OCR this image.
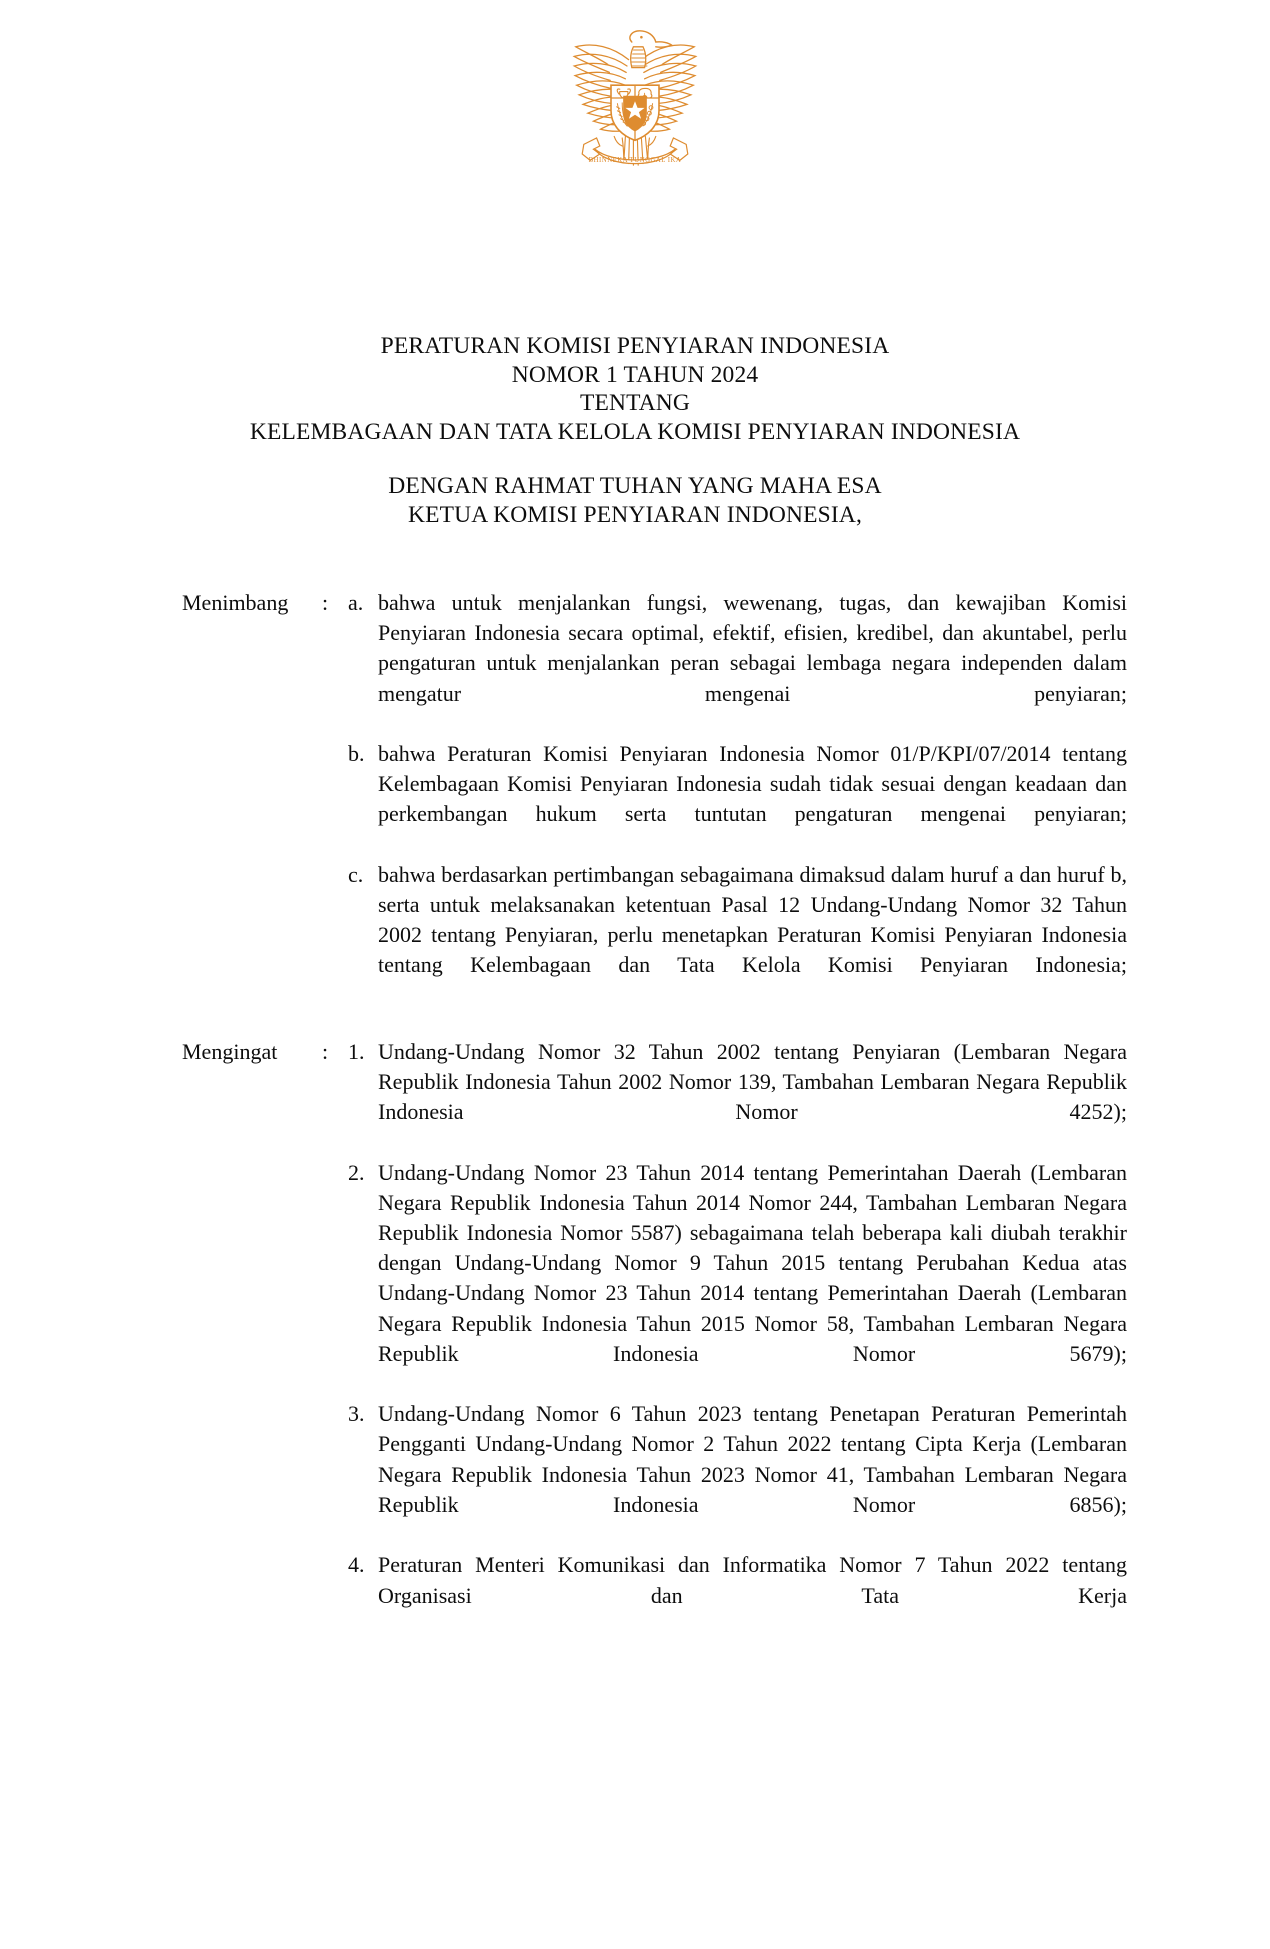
BHINNEKA TUNGGAL IKA
PERATURAN KOMISI PENYIARAN INDONESIA
NOMOR 1 TAHUN 2024
TENTANG
KELEMBAGAAN DAN TATA KELOLA KOMISI PENYIARAN INDONESIA
DENGAN RAHMAT TUHAN YANG MAHA ESA
KETUA KOMISI PENYIARAN INDONESIA,
Menimbang	: a. bahwa untuk menjalankan fungsi, wewenang, tugas, dan kewajiban Komisi Penyiaran Indonesia secara optimal, efektif, efisien, kredibel, dan akuntabel, perlu pengaturan untuk menjalankan peran sebagai lembaga negara independen dalam mengatur mengenai penyiaran;
b. bahwa Peraturan Komisi Penyiaran Indonesia Nomor 01/P/KPI/07/2014 tentang Kelembagaan Komisi Penyiaran Indonesia sudah tidak sesuai dengan keadaan dan perkembangan hukum serta tuntutan pengaturan mengenai penyiaran;
c. bahwa berdasarkan pertimbangan sebagaimana dimaksud dalam huruf a dan huruf b, serta untuk melaksanakan ketentuan Pasal 12 Undang-Undang Nomor 32 Tahun 2002 tentang Penyiaran, perlu menetapkan Peraturan Komisi Penyiaran Indonesia tentang Kelembagaan dan Tata Kelola Komisi Penyiaran Indonesia;
Mengingat	: 1. Undang-Undang Nomor 32 Tahun 2002 tentang Penyiaran (Lembaran Negara Republik Indonesia Tahun 2002 Nomor 139, Tambahan Lembaran Negara Republik Indonesia Nomor 4252);
2. Undang-Undang Nomor 23 Tahun 2014 tentang Pemerintahan Daerah (Lembaran Negara Republik Indonesia Tahun 2014 Nomor 244, Tambahan Lembaran Negara Republik Indonesia Nomor 5587) sebagaimana telah beberapa kali diubah terakhir dengan Undang-Undang Nomor 9 Tahun 2015 tentang Perubahan Kedua atas Undang-Undang Nomor 23 Tahun 2014 tentang Pemerintahan Daerah (Lembaran Negara Republik Indonesia Tahun 2015 Nomor 58, Tambahan Lembaran Negara Republik Indonesia Nomor 5679);
3. Undang-Undang Nomor 6 Tahun 2023 tentang Penetapan Peraturan Pemerintah Pengganti Undang-Undang Nomor 2 Tahun 2022 tentang Cipta Kerja (Lembaran Negara Republik Indonesia Tahun 2023 Nomor 41, Tambahan Lembaran Negara Republik Indonesia Nomor 6856);
4. Peraturan Menteri Komunikasi dan Informatika Nomor 7 Tahun 2022 tentang Organisasi dan Tata Kerja
